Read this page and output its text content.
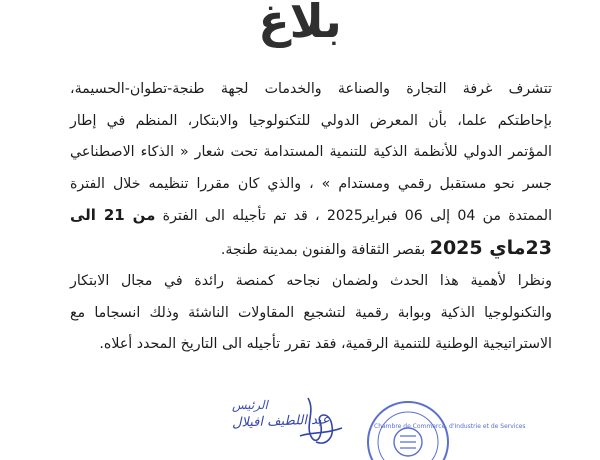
بلاغ
تتشرف غرفة التجارة والصناعة والخدمات لجهة طنجة-تطوان-الحسيمة،
بإحاطتكم علما، بأن المعرض الدولي للتكنولوجيا والابتكار، المنظم في إطار
المؤتمر الدولي للأنظمة الذكية للتنمية المستدامة تحت شعار « الذكاء الاصطناعي
جسر نحو مستقبل رقمي ومستدام » ، والذي كان مقررا تنظيمه خلال الفترة
الممتدة من 04 إلى 06 فبراير2025 ، قد تم تأجيله الى الفترة من 21 الى
23ماي 2025 بقصر الثقافة والفنون بمدينة طنجة.
ونظرا لأهمية هذا الحدث ولضمان نجاحه كمنصة رائدة في مجال الابتكار
والتكنولوجيا الذكية وبوابة رقمية لتشجيع المقاولات الناشئة وذلك انسجاما مع
الاستراتيجية الوطنية للتنمية الرقمية، فقد تقرر تأجيله الى التاريخ المحدد أعلاه.
الرئيس
عبد اللطيف افيلال	Chambre de Commerce, d'Industrie et de Services
